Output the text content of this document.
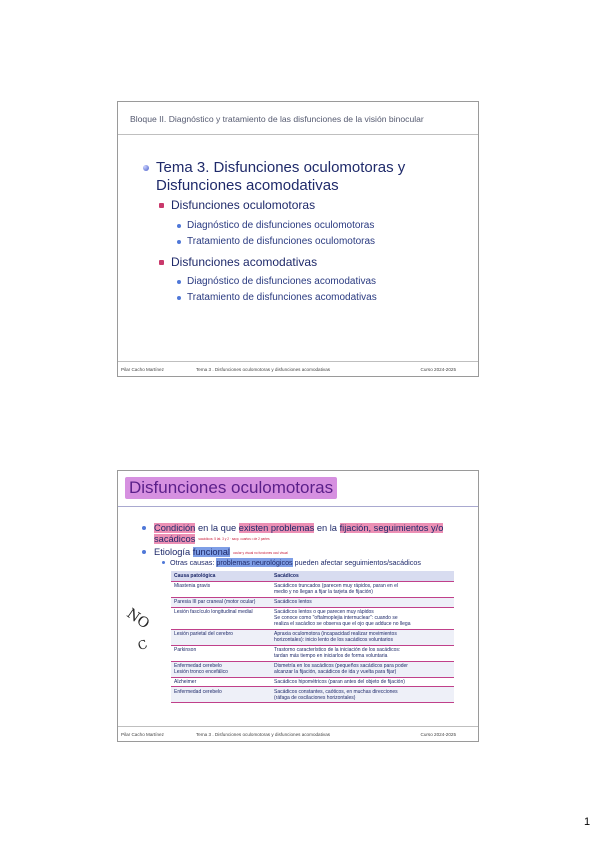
Bloque II. Diagnóstico y tratamiento de las disfunciones de la visión binocular
Tema 3. Disfunciones oculomotoras y
Disfunciones acomodativas
Disfunciones oculomotoras
Diagnóstico de disfunciones oculomotoras
Tratamiento de disfunciones oculomotoras
Disfunciones acomodativas
Diagnóstico de disfunciones acomodativas
Tratamiento de disfunciones acomodativas
Pilar Cacho Martínez	Tema 3 . Disfunciones oculomotoras y disfunciones acomodativas	Curso 2024-2025
Disfunciones oculomotoras
Condición en la que existen problemas en la fijación, seguimientos y/o
sacádicos sacádicos: 5 lat. 3 y 2 · sacp. cuartos • de 2 partes
Etiología funcional ocular y visual no funciones ocul visual
Otras causas: problemas neurológicos pueden afectar seguimientos/sacádicos
NO
C
Causa patológica	Sacádicos
Miastenia gravis	Sacádicos truncados (parecen muy rápidos, paran en el
medio y no llegan a fijar la tarjeta de fijación)
Paresia III par craneal (motor ocular)	Sacádicos lentos
Lesión fascículo longitudinal medial	Sacádicos lentos o que parecen muy rápidos
Se conoce como "oftalmoplejia internuclear": cuando se
realiza el sacádico se observa que el ojo que adduce no llega
Lesión parietal del cerebro	Apraxia oculomotora (incapacidad realizar movimientos
horizontales): inicio lento de los sacádicos voluntarios
Parkinson	Trastorno característico de la iniciación de los sacádicos:
tardan más tiempo en iniciarlos de forma voluntaria
Enfermedad cerebelo
Lesión tronco encefálico	Dismetría en los sacádicos (pequeños sacádicos para poder
alcanzar la fijación, sacádicos de ida y vuelta para fijar)
Alzheimer	Sacádicos hipométricos (paran antes del objeto de fijación)
Enfermedad cerebelo	Sacádicos constantes, caóticos, en muchas direcciones
(ráfaga de oscilaciones horizontales)
Pilar Cacho Martínez	Tema 3 . Disfunciones oculomotoras y disfunciones acomodativas	Curso 2024-2025
1
